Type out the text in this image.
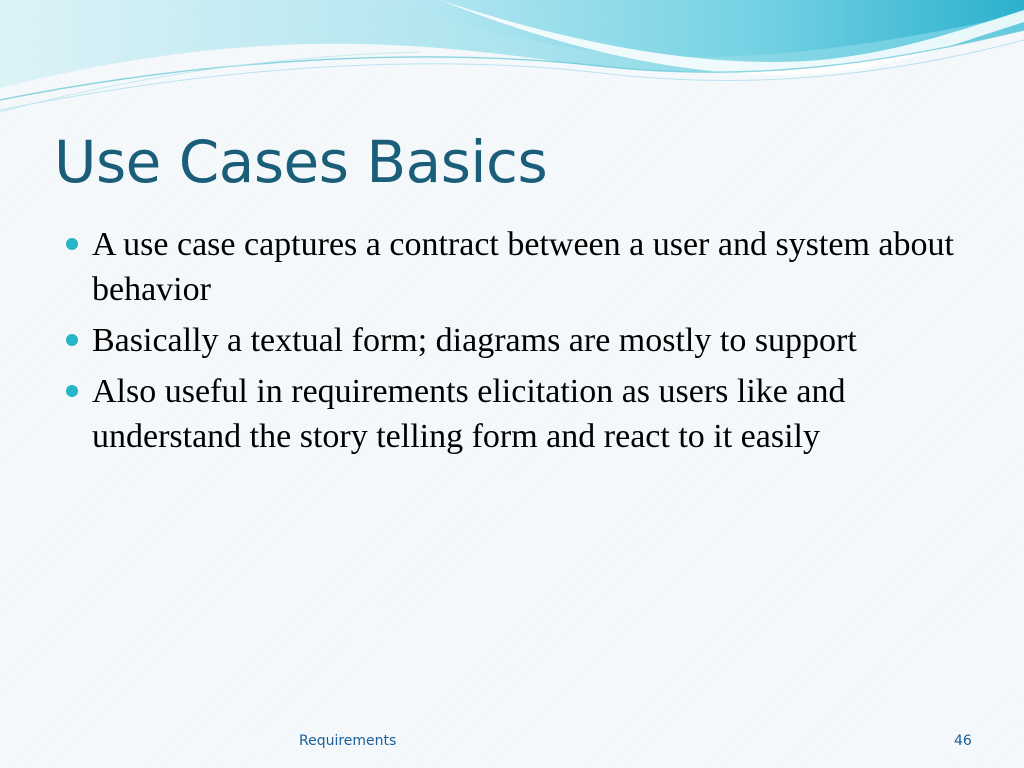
Use Cases Basics
A use case captures a contract between a user and system about behavior
Basically a textual form; diagrams are mostly to support
Also useful in requirements elicitation as users like and understand the story telling form and react to it easily
Requirements	46
